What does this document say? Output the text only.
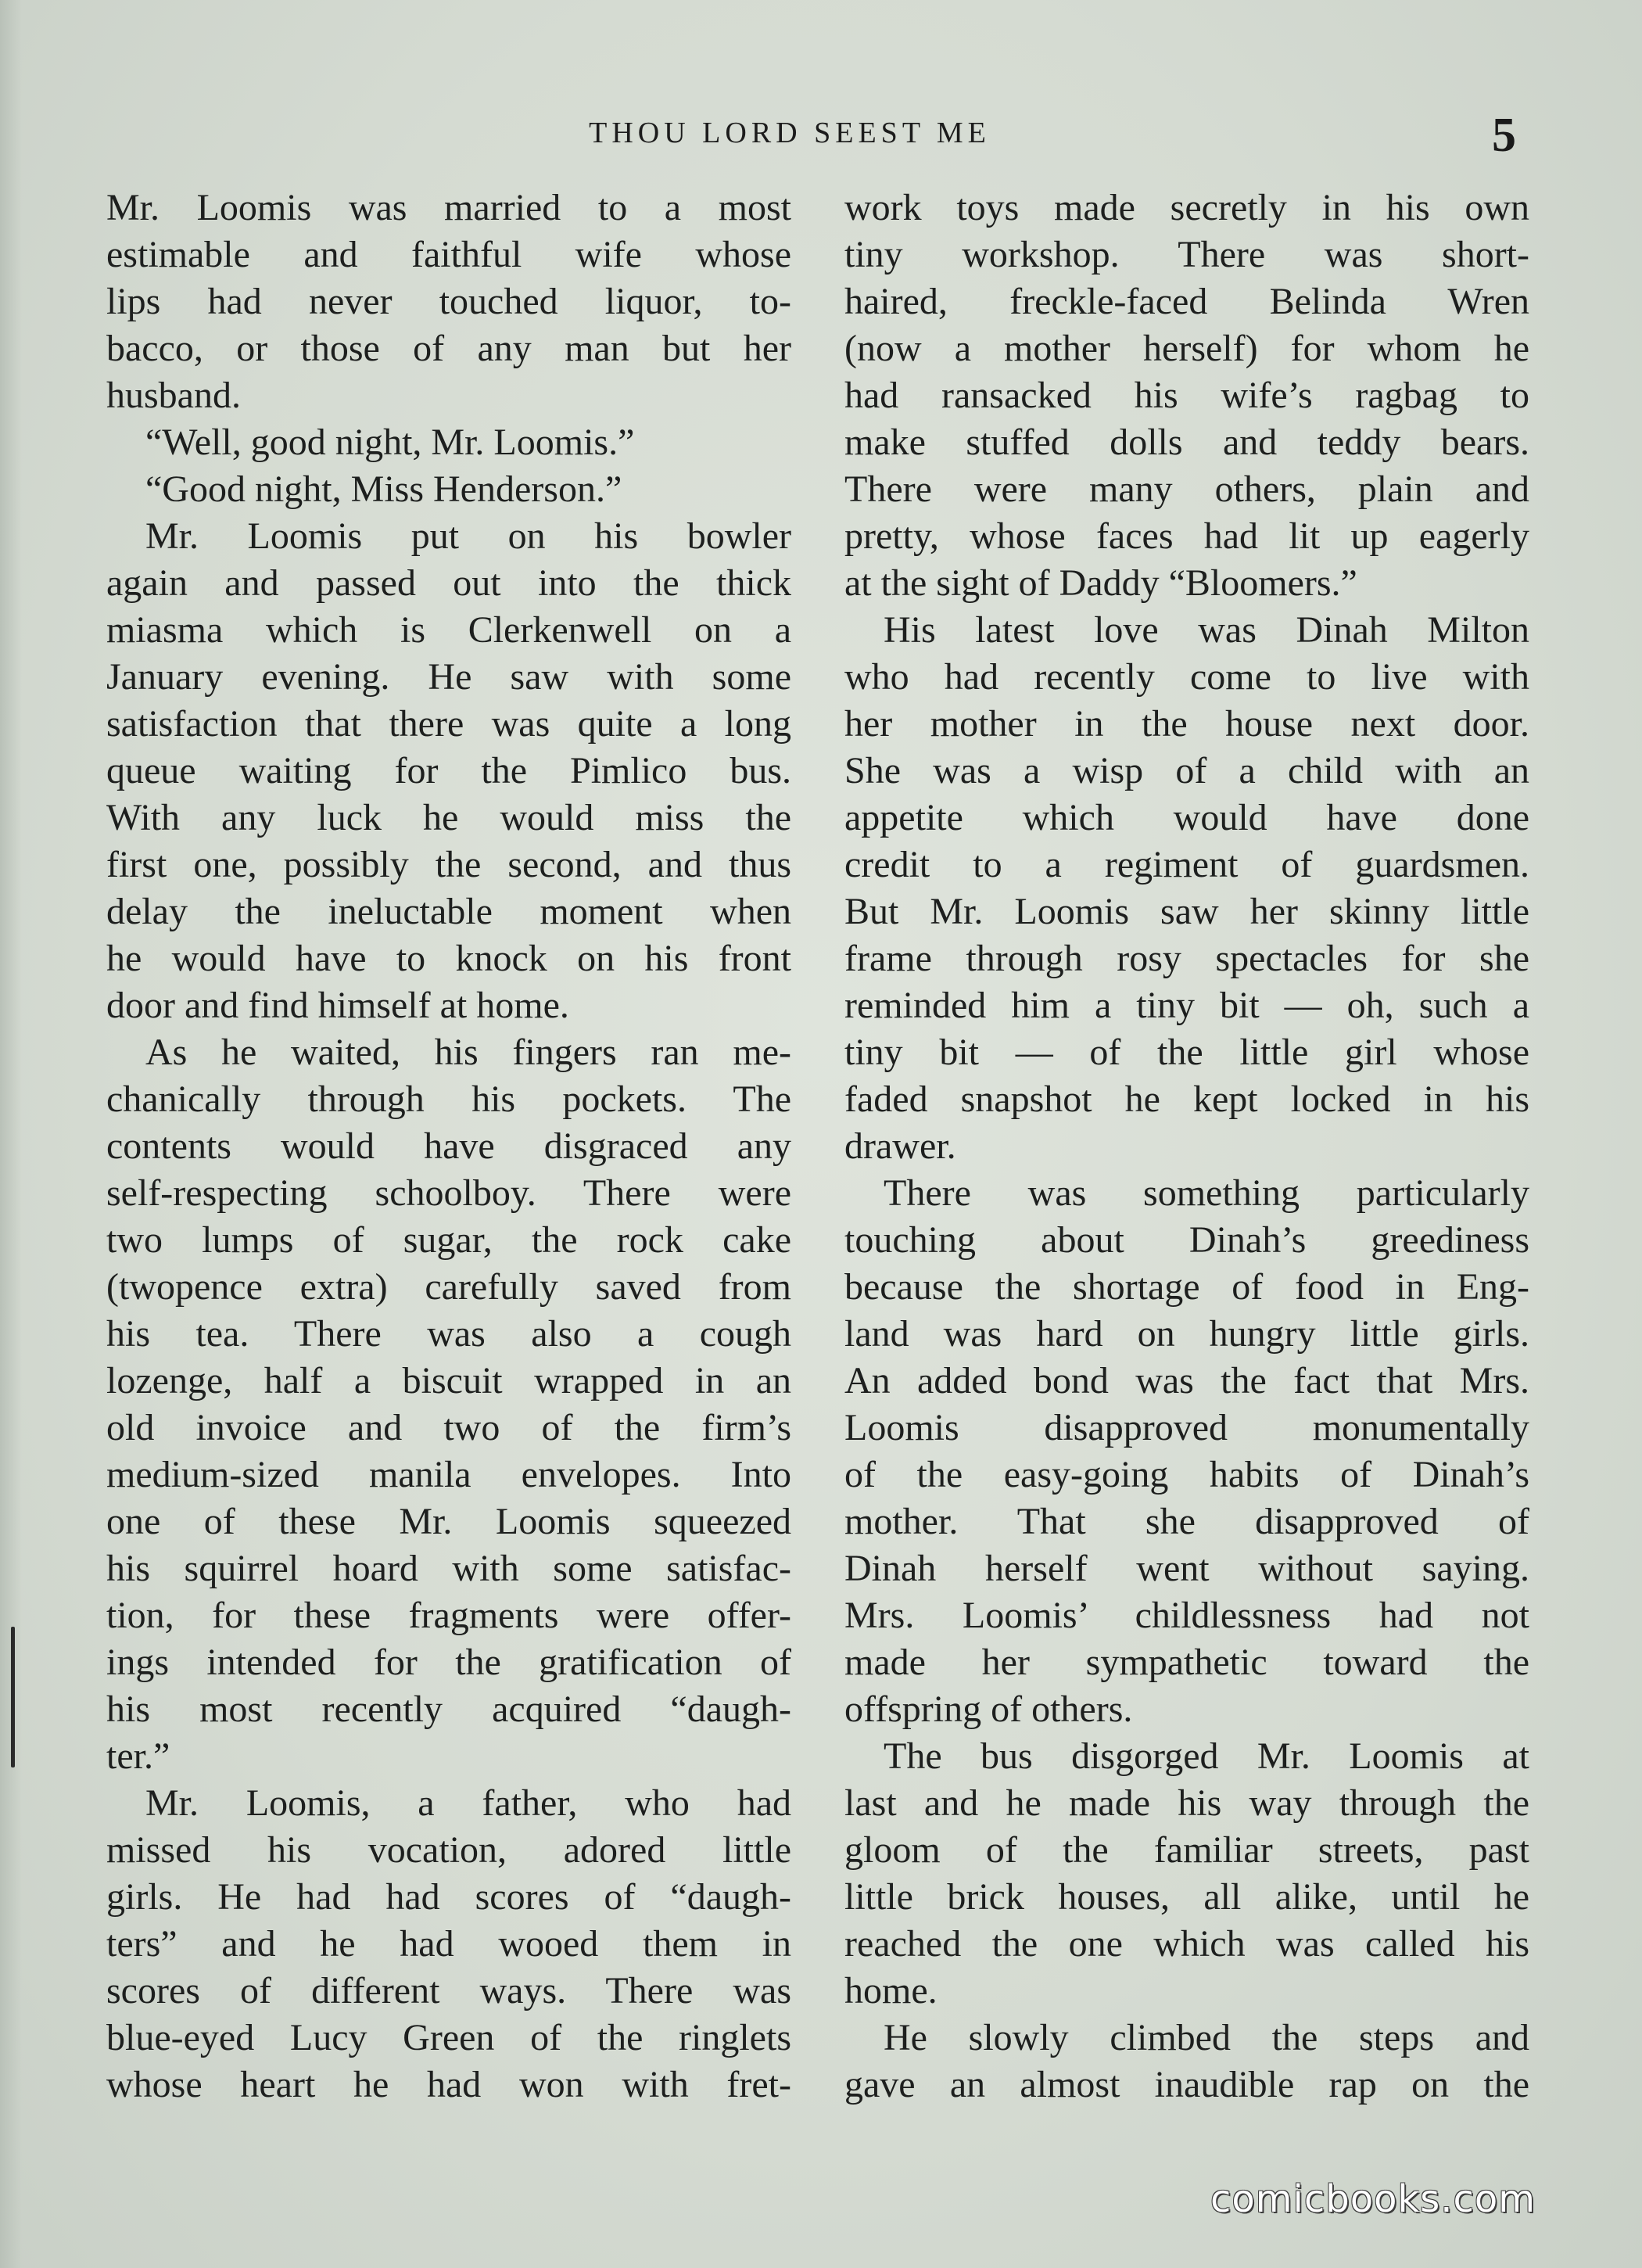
THOU LORD SEEST ME	5
Mr. Loomis was married to a most
estimable and faithful wife whose
lips had never touched liquor, to-
bacco, or those of any man but her
husband.
“Well, good night, Mr. Loomis.”
“Good night, Miss Henderson.”
Mr. Loomis put on his bowler
again and passed out into the thick
miasma which is Clerkenwell on a
January evening. He saw with some
satisfaction that there was quite a long
queue waiting for the Pimlico bus.
With any luck he would miss the
first one, possibly the second, and thus
delay the ineluctable moment when
he would have to knock on his front
door and find himself at home.
As he waited, his fingers ran me-
chanically through his pockets. The
contents would have disgraced any
self-respecting schoolboy. There were
two lumps of sugar, the rock cake
(twopence extra) carefully saved from
his tea. There was also a cough
lozenge, half a biscuit wrapped in an
old invoice and two of the firm’s
medium-sized manila envelopes. Into
one of these Mr. Loomis squeezed
his squirrel hoard with some satisfac-
tion, for these fragments were offer-
ings intended for the gratification of
his most recently acquired “daugh-
ter.”
Mr. Loomis, a father, who had
missed his vocation, adored little
girls. He had had scores of “daugh-
ters” and he had wooed them in
scores of different ways. There was
blue-eyed Lucy Green of the ringlets
whose heart he had won with fret-
work toys made secretly in his own
tiny workshop. There was short-
haired, freckle-faced Belinda Wren
(now a mother herself) for whom he
had ransacked his wife’s ragbag to
make stuffed dolls and teddy bears.
There were many others, plain and
pretty, whose faces had lit up eagerly
at the sight of Daddy “Bloomers.”
His latest love was Dinah Milton
who had recently come to live with
her mother in the house next door.
She was a wisp of a child with an
appetite which would have done
credit to a regiment of guardsmen.
But Mr. Loomis saw her skinny little
frame through rosy spectacles for she
reminded him a tiny bit — oh, such a
tiny bit — of the little girl whose
faded snapshot he kept locked in his
drawer.
There was something particularly
touching about Dinah’s greediness
because the shortage of food in Eng-
land was hard on hungry little girls.
An added bond was the fact that Mrs.
Loomis disapproved monumentally
of the easy-going habits of Dinah’s
mother. That she disapproved of
Dinah herself went without saying.
Mrs. Loomis’ childlessness had not
made her sympathetic toward the
offspring of others.
The bus disgorged Mr. Loomis at
last and he made his way through the
gloom of the familiar streets, past
little brick houses, all alike, until he
reached the one which was called his
home.
He slowly climbed the steps and
gave an almost inaudible rap on the
comicbooks.com
